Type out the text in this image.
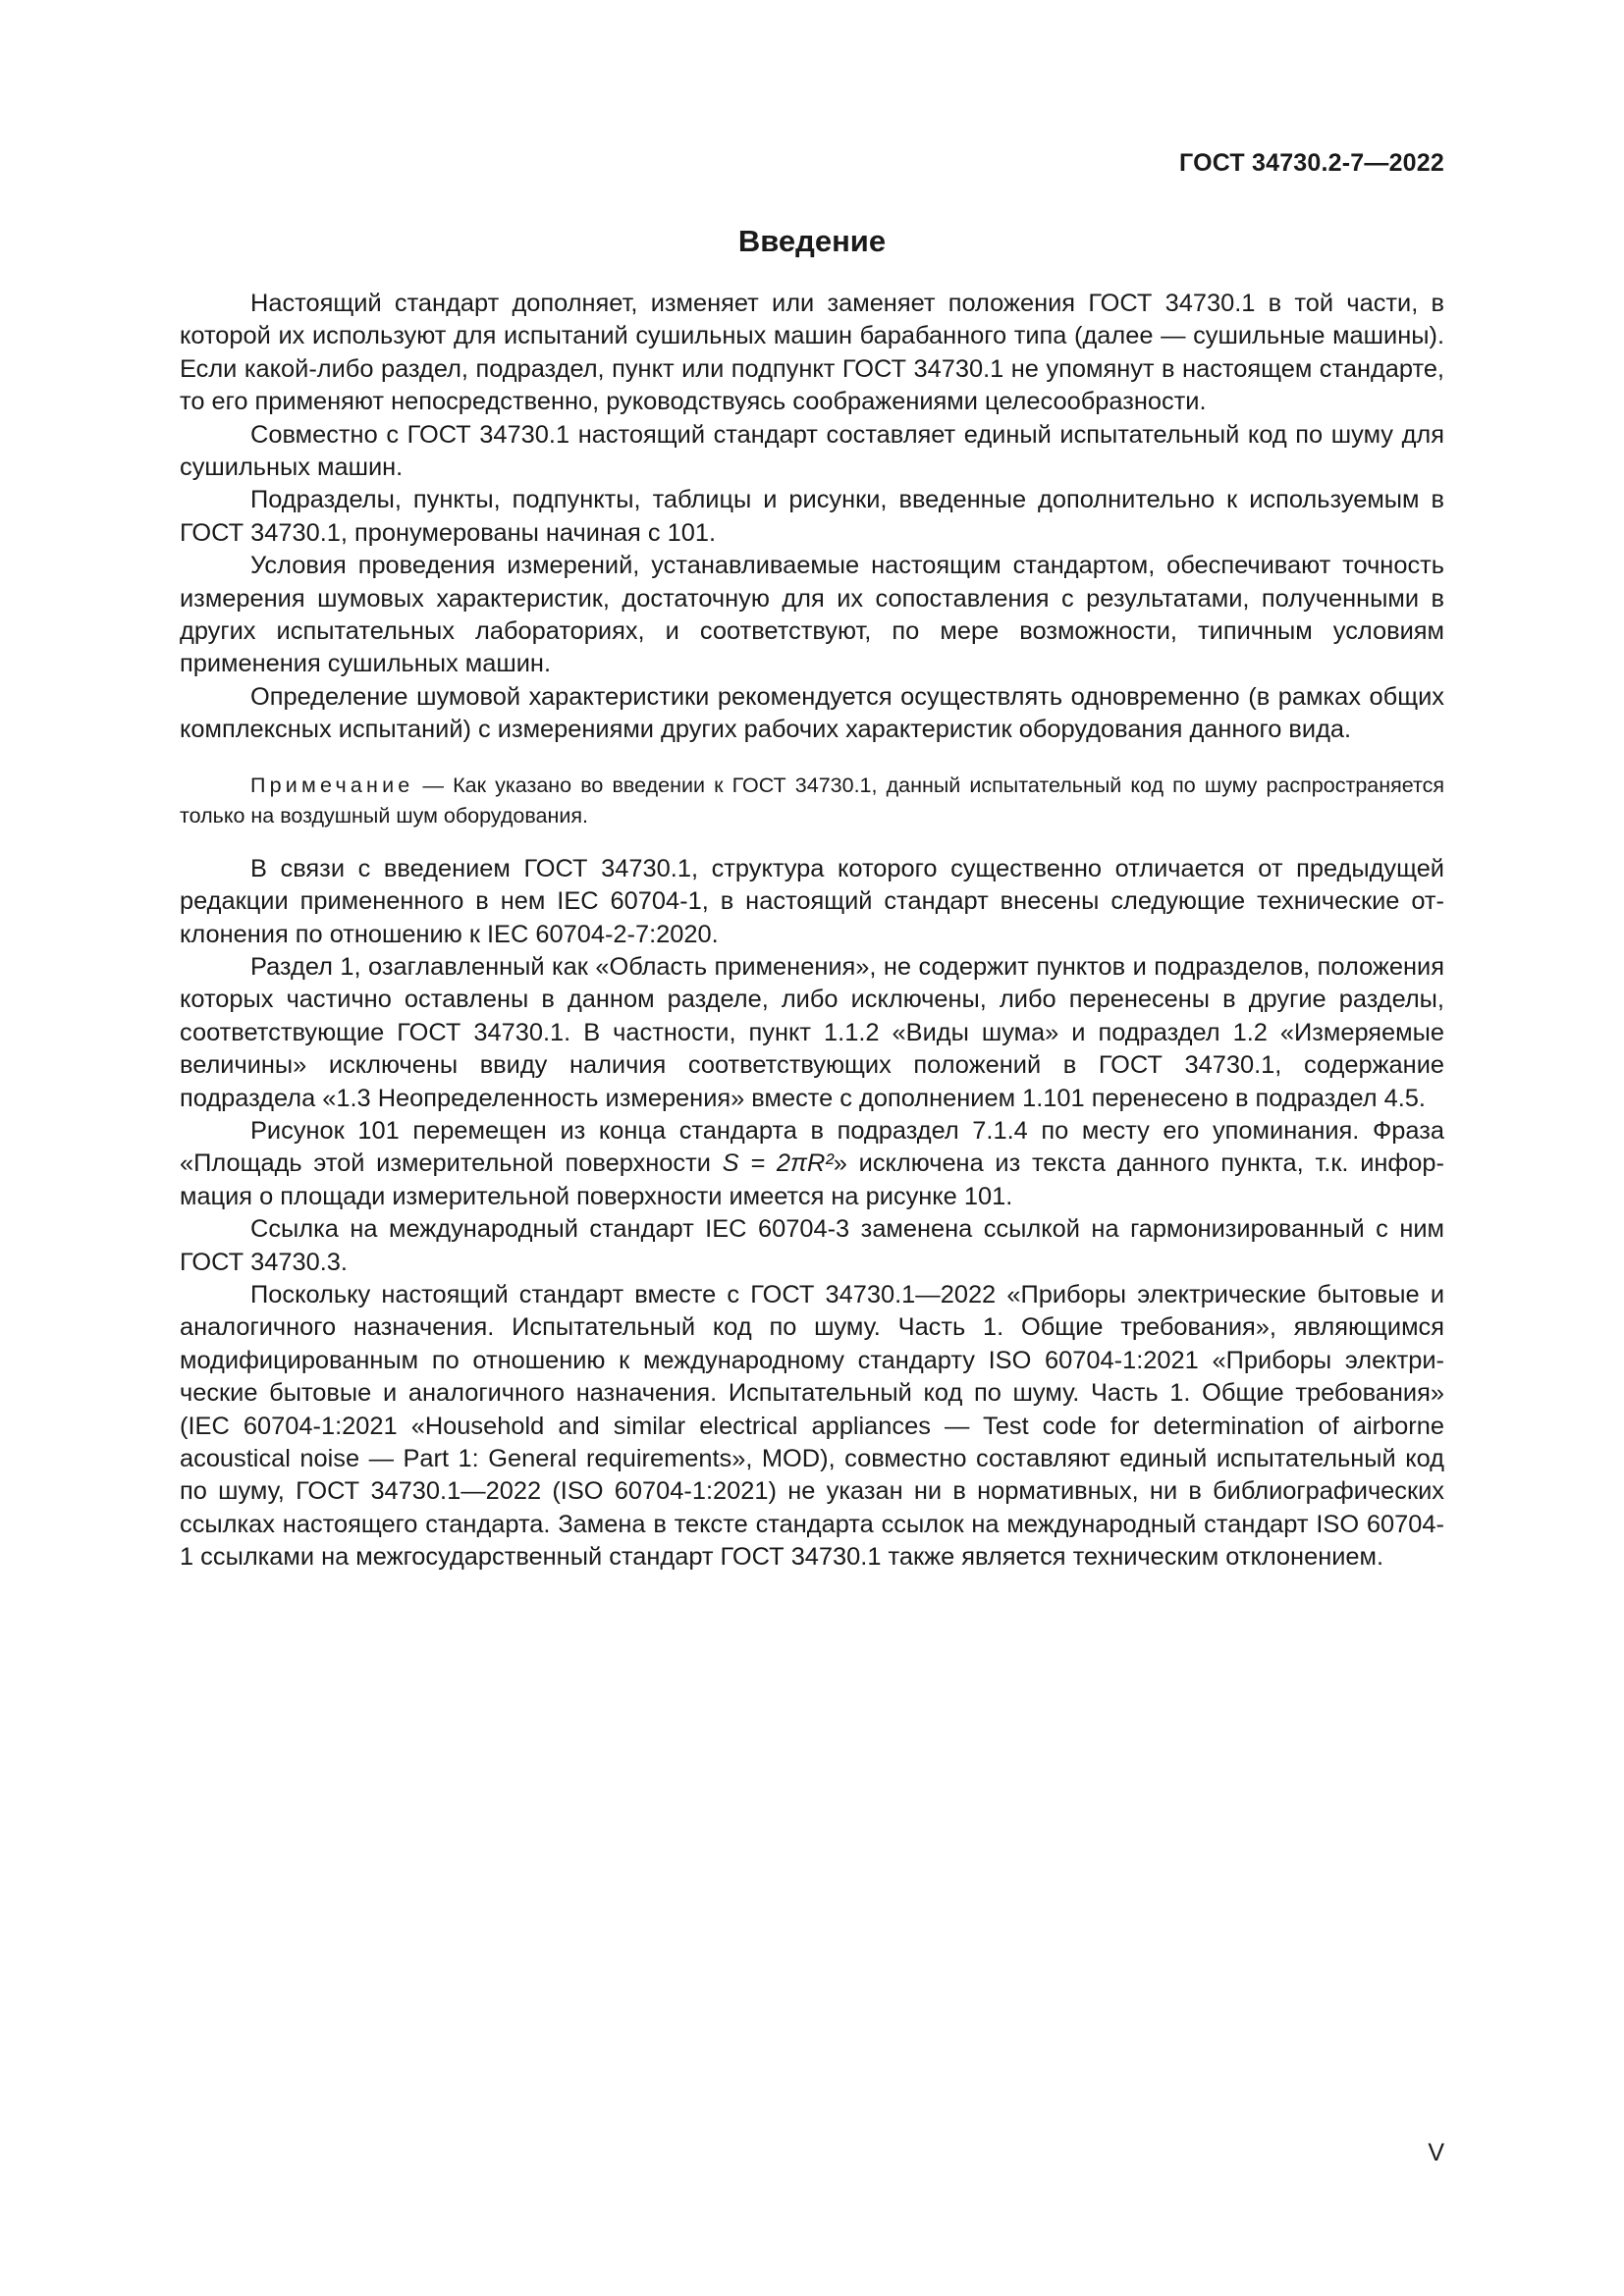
ГОСТ 34730.2-7—2022
Введение

Настоящий стандарт дополняет, изменяет или заменяет положения ГОСТ 34730.1 в той части, в которой их используют для испытаний сушильных машин барабанного типа (далее — сушильные машины). Если какой-либо раздел, подраздел, пункт или подпункт ГОСТ 34730.1 не упомянут в настоящем стандарте, то его применяют непосредственно, руководствуясь соображениями целесообразности.

Совместно с ГОСТ 34730.1 настоящий стандарт составляет единый испытательный код по шуму для сушильных машин.

Подразделы, пункты, подпункты, таблицы и рисунки, введенные дополнительно к используемым в ГОСТ 34730.1, пронумерованы начиная с 101.

Условия проведения измерений, устанавливаемые настоящим стандартом, обеспечивают точность измерения шумовых характеристик, достаточную для их сопоставления с результатами, полученными в других испытательных лабораториях, и соответствуют, по мере возможности, типичным условиям применения сушильных машин.

Определение шумовой характеристики рекомендуется осуществлять одновременно (в рамках общих комплексных испытаний) с измерениями других рабочих характеристик оборудования данного вида.

Примечание — Как указано во введении к ГОСТ 34730.1, данный испытательный код по шуму распространяется только на воздушный шум оборудования.

В связи с введением ГОСТ 34730.1, структура которого существенно отличается от предыдущей редакции примененного в нем IEC 60704-1, в настоящий стандарт внесены следующие технические отклонения по отношению к IEC 60704-2-7:2020.

Раздел 1, озаглавленный как «Область применения», не содержит пунктов и подразделов, положения которых частично оставлены в данном разделе, либо исключены, либо перенесены в другие разделы, соответствующие ГОСТ 34730.1. В частности, пункт 1.1.2 «Виды шума» и подраздел 1.2 «Измеряемые величины» исключены ввиду наличия соответствующих положений в ГОСТ 34730.1, содержание подраздела «1.3 Неопределенность измерения» вместе с дополнением 1.101 перенесено в подраздел 4.5.

Рисунок 101 перемещен из конца стандарта в подраздел 7.1.4 по месту его упоминания. Фраза «Площадь этой измерительной поверхности S = 2πR²» исключена из текста данного пункта, т.к. информация о площади измерительной поверхности имеется на рисунке 101.

Ссылка на международный стандарт IEC 60704-3 заменена ссылкой на гармонизированный с ним ГОСТ 34730.3.

Поскольку настоящий стандарт вместе с ГОСТ 34730.1—2022 «Приборы электрические бытовые и аналогичного назначения. Испытательный код по шуму. Часть 1. Общие требования», являющимся модифицированным по отношению к международному стандарту ISO 60704-1:2021 «Приборы электрические бытовые и аналогичного назначения. Испытательный код по шуму. Часть 1. Общие требования» (IEC 60704-1:2021 «Household and similar electrical appliances — Test code for determination of airborne acoustical noise — Part 1: General requirements», MOD), совместно составляют единый испытательный код по шуму, ГОСТ 34730.1—2022 (ISO 60704-1:2021) не указан ни в нормативных, ни в библиографических ссылках настоящего стандарта. Замена в тексте стандарта ссылок на международный стандарт ISO 60704-1 ссылками на межгосударственный стандарт ГОСТ 34730.1 также является техническим отклонением.

V
